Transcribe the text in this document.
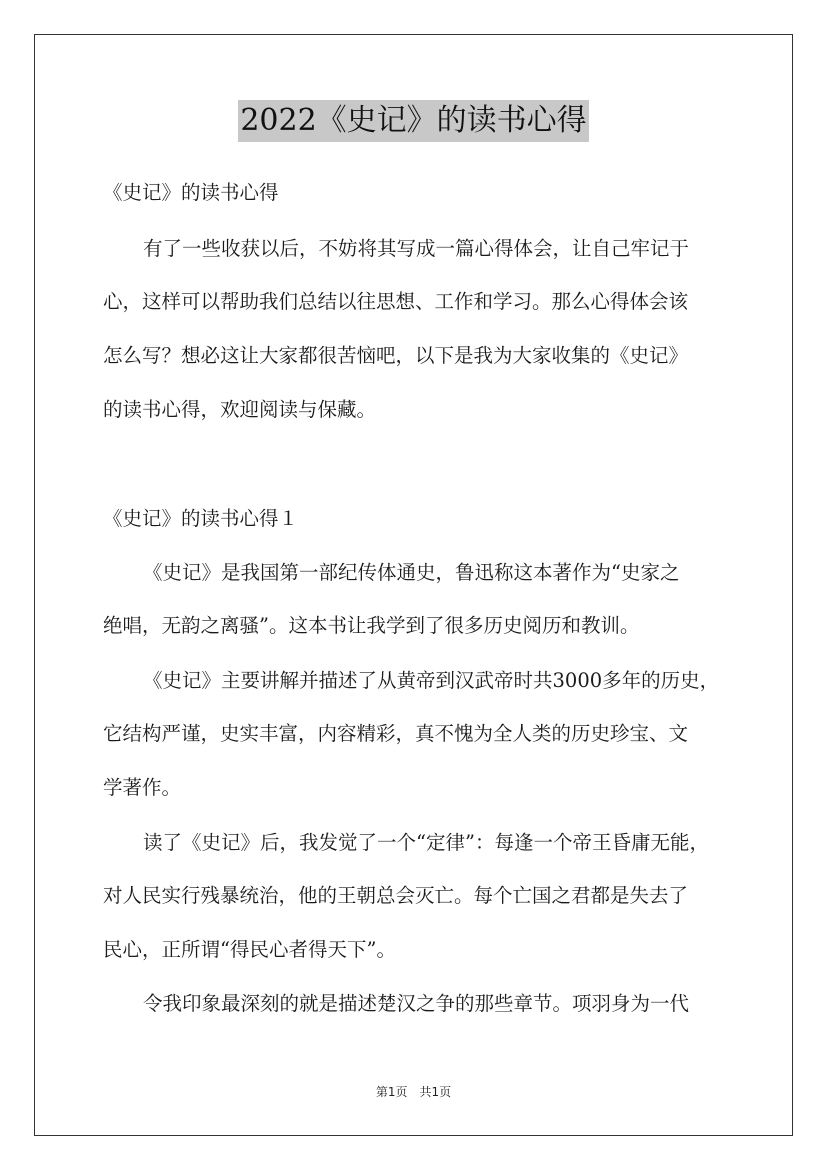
2022《史记》的读书心得
《史记》的读书心得
有了一些收获以后，不妨将其写成一篇心得体会，让自己牢记于
心，这样可以帮助我们总结以往思想、工作和学习。那么心得体会该
怎么写？想必这让大家都很苦恼吧，以下是我为大家收集的《史记》
的读书心得，欢迎阅读与保藏。
《史记》的读书心得１
《史记》是我国第一部纪传体通史，鲁迅称这本著作为“史家之
绝唱，无韵之离骚”。这本书让我学到了很多历史阅历和教训。
《史记》主要讲解并描述了从黄帝到汉武帝时共3000多年的历史，
它结构严谨，史实丰富，内容精彩，真不愧为全人类的历史珍宝、文
学著作。
读了《史记》后，我发觉了一个“定律”：每逢一个帝王昏庸无能，
对人民实行残暴统治，他的王朝总会灭亡。每个亡国之君都是失去了
民心，正所谓“得民心者得天下”。
令我印象最深刻的就是描述楚汉之争的那些章节。项羽身为一代
第1页　共1页
